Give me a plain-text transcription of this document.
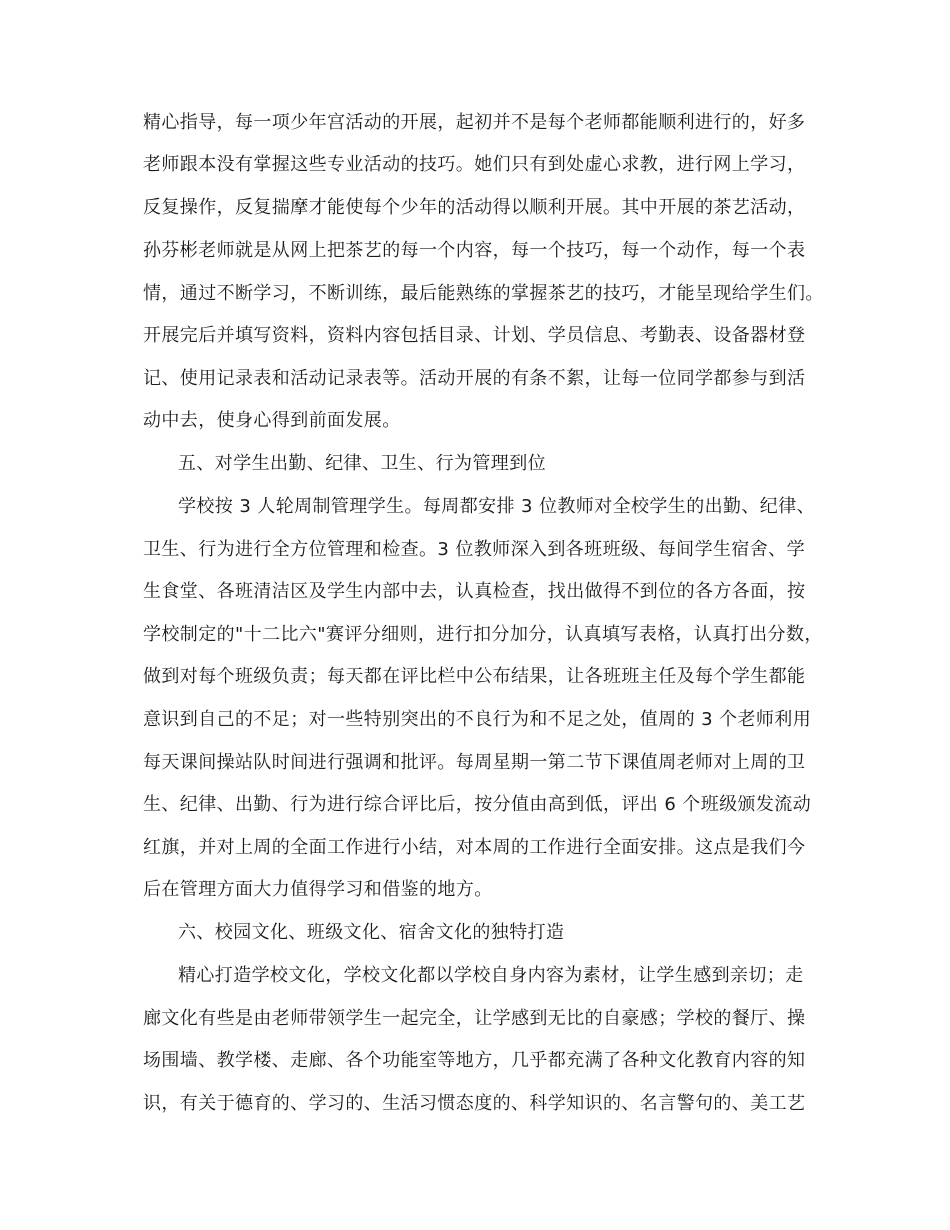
精心指导，每一项少年宫活动的开展，起初并不是每个老师都能顺利进行的，好多
老师跟本没有掌握这些专业活动的技巧。她们只有到处虚心求教，进行网上学习，
反复操作，反复揣摩才能使每个少年的活动得以顺利开展。其中开展的茶艺活动，
孙芬彬老师就是从网上把茶艺的每一个内容，每一个技巧，每一个动作，每一个表
情，通过不断学习，不断训练，最后能熟练的掌握茶艺的技巧，才能呈现给学生们。
开展完后并填写资料，资料内容包括目录、计划、学员信息、考勤表、设备器材登
记、使用记录表和活动记录表等。活动开展的有条不絮，让每一位同学都参与到活
动中去，使身心得到前面发展。
五、对学生出勤、纪律、卫生、行为管理到位
学校按 3 人轮周制管理学生。每周都安排 3 位教师对全校学生的出勤、纪律、
卫生、行为进行全方位管理和检查。3 位教师深入到各班班级、每间学生宿舍、学
生食堂、各班清洁区及学生内部中去，认真检查，找出做得不到位的各方各面，按
学校制定的"十二比六"赛评分细则，进行扣分加分，认真填写表格，认真打出分数，
做到对每个班级负责；每天都在评比栏中公布结果，让各班班主任及每个学生都能
意识到自己的不足；对一些特别突出的不良行为和不足之处，值周的 3 个老师利用
每天课间操站队时间进行强调和批评。每周星期一第二节下课值周老师对上周的卫
生、纪律、出勤、行为进行综合评比后，按分值由高到低，评出 6 个班级颁发流动
红旗，并对上周的全面工作进行小结，对本周的工作进行全面安排。这点是我们今
后在管理方面大力值得学习和借鉴的地方。
六、校园文化、班级文化、宿舍文化的独特打造
精心打造学校文化，学校文化都以学校自身内容为素材，让学生感到亲切；走
廊文化有些是由老师带领学生一起完全，让学感到无比的自豪感；学校的餐厅、操
场围墙、教学楼、走廊、各个功能室等地方，几乎都充满了各种文化教育内容的知
识，有关于德育的、学习的、生活习惯态度的、科学知识的、名言警句的、美工艺
